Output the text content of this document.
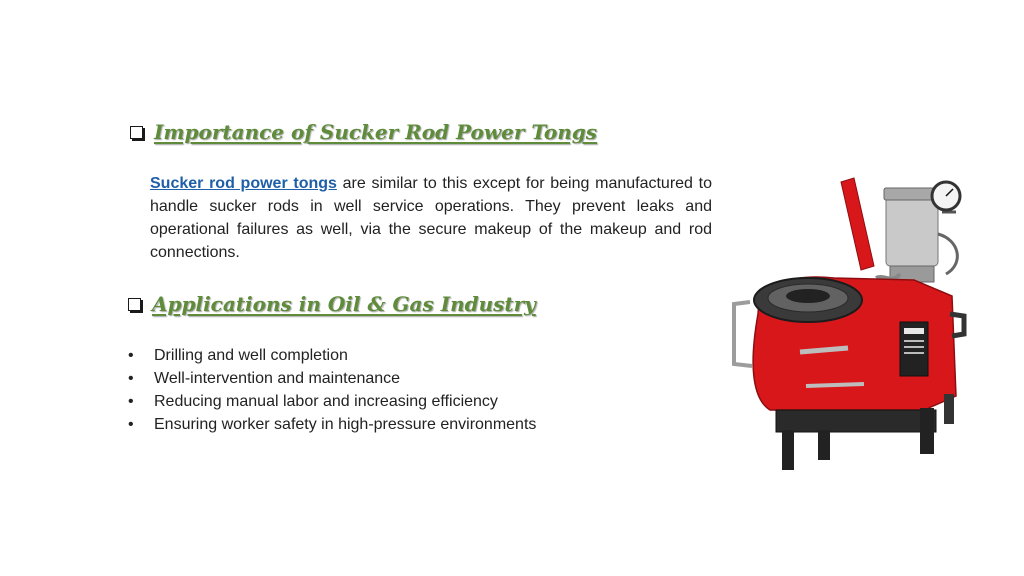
Importance of Sucker Rod Power Tongs

Sucker rod power tongs are similar to this except for being manufactured to handle sucker rods in well service operations. They prevent leaks and operational failures as well, via the secure makeup of the makeup and rod connections.

Applications in Oil & Gas Industry
•	Drilling and well completion
•	Well-intervention and maintenance
•	Reducing manual labor and increasing efficiency
•	Ensuring worker safety in high-pressure environments
